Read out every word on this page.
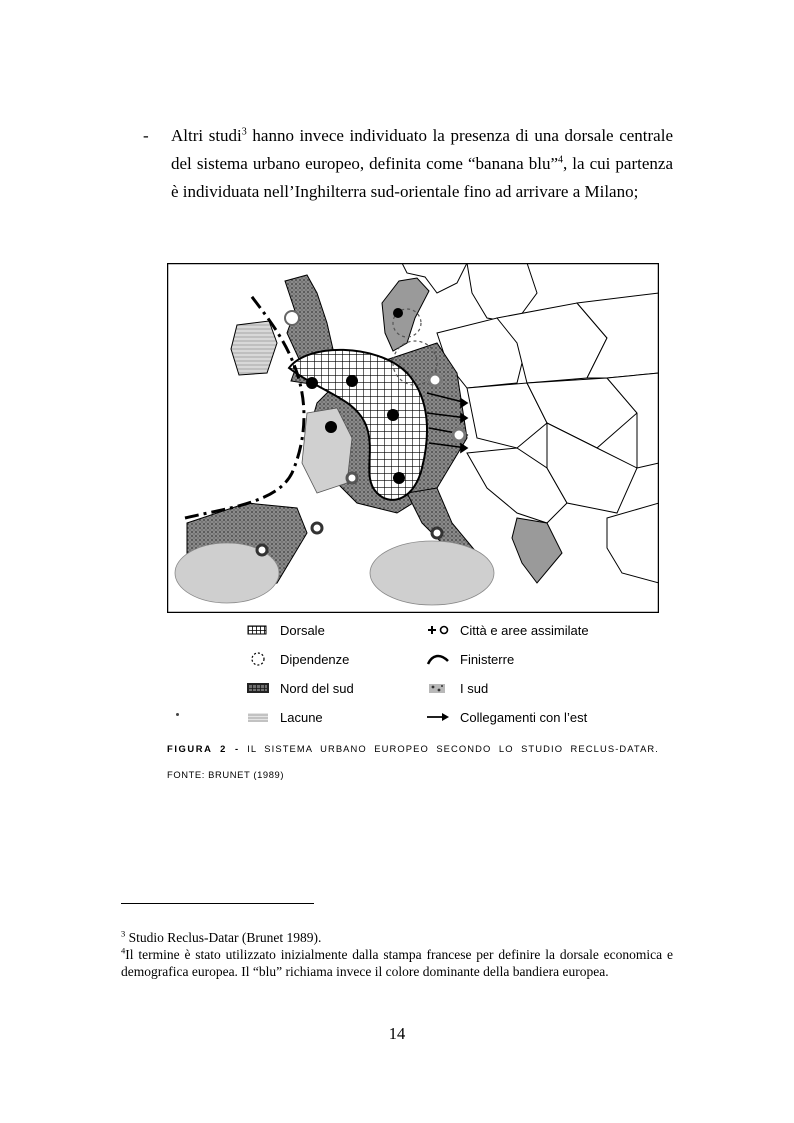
- Altri studi$^3$ hanno invece individuato la presenza di una dorsale centrale del sistema urbano europeo, definita come “banana blu”$^4$, la cui partenza è individuata nell’Inghilterra sud-orientale fino ad arrivare a Milano;
Dorsale
Dipendenze
Nord del sud
Lacune
Città e aree assimilate
Finisterre
I sud
Collegamenti con l’est
FIGURA 2 - IL SISTEMA URBANO EUROPEO SECONDO LO STUDIO RECLUS-DATAR.
FONTE: BRUNET (1989)

$^3$ Studio Reclus-Datar (Brunet 1989).

$^4$Il termine è stato utilizzato inizialmente dalla stampa francese per definire la dorsale economica e demografica europea. Il “blu” richiama invece il colore dominante della bandiera europea.

14
